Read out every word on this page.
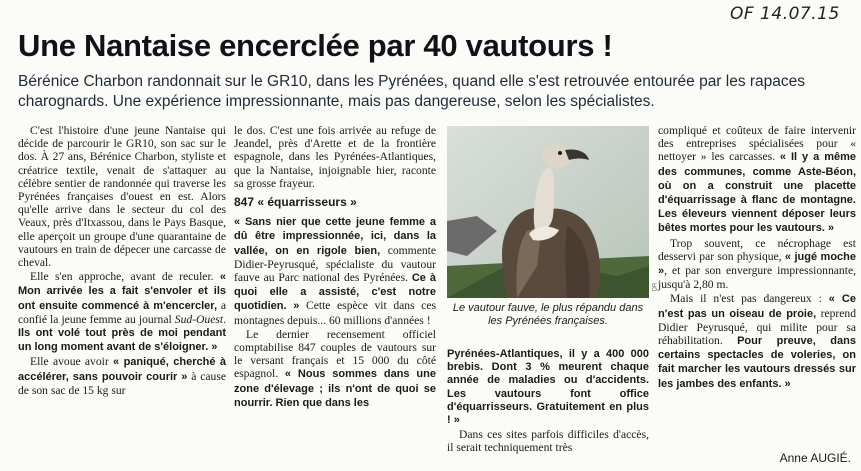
OF 14.07.15
Une Nantaise encerclée par 40 vautours !
Bérénice Charbon randonnait sur le GR10, dans les Pyrénées, quand elle s'est retrouvée entourée par les rapaces charognards. Une expérience impressionnante, mais pas dangereuse, selon les spécialistes.

C'est l'histoire d'une jeune Nantaise qui décide de parcourir le GR10, son sac sur le dos. À 27 ans, Bérénice Charbon, styliste et créatrice textile, venait de s'attaquer au célèbre sentier de randonnée qui traverse les Pyrénées françaises d'ouest en est. Alors qu'elle arrive dans le secteur du col des Veaux, près d'Itxassou, dans le Pays Basque, elle aperçoit un groupe d'une quarantaine de vautours en train de dépecer une carcasse de cheval.

Elle s'en approche, avant de reculer. « Mon arrivée les a fait s'envoler et ils ont ensuite commencé à m'encercler, a confié la jeune femme au journal Sud-Ouest. Ils ont volé tout près de moi pendant un long moment avant de s'éloigner. »

Elle avoue avoir « paniqué, cherché à accélérer, sans pouvoir courir » à cause de son sac de 15 kg sur

le dos. C'est une fois arrivée au refuge de Jeandel, près d'Arette et de la frontière espagnole, dans les Pyrénées-Atlantiques, que la Nantaise, injoignable hier, raconte sa grosse frayeur.

847 « équarrisseurs »

« Sans nier que cette jeune femme a dû être impressionnée, ici, dans la vallée, on en rigole bien, commente Didier-Peyrusqué, spécialiste du vautour fauve au Parc national des Pyrénées. Ce à quoi elle a assisté, c'est notre quotidien. » Cette espèce vit dans ces montagnes depuis... 60 millions d'années !

Le dernier recensement officiel comptabilise 847 couples de vautours sur le versant français et 15 000 du côté espagnol. « Nous sommes dans une zone d'élevage ; ils n'ont de quoi se nourrir. Rien que dans les

DR
Le vautour fauve, le plus répandu dans les Pyrénées françaises.

Pyrénées-Atlantiques, il y a 400 000 brebis. Dont 3 % meurent chaque année de maladies ou d'accidents. Les vautours font office d'équarrisseurs. Gratuitement en plus ! »

Dans ces sites parfois difficiles d'accès, il serait techniquement très

compliqué et coûteux de faire intervenir des entreprises spécialisées pour « nettoyer » les carcasses. « Il y a même des communes, comme Aste-Béon, où on a construit une placette d'équarrissage à flanc de montagne. Les éleveurs viennent déposer leurs bêtes mortes pour les vautours. »

Trop souvent, ce nécrophage est desservi par son physique, « jugé moche », et par son envergure impressionnante, jusqu'à 2,80 m.

Mais il n'est pas dangereux : « Ce n'est pas un oiseau de proie, reprend Didier Peyrusqué, qui milite pour sa réhabilitation. Pour preuve, dans certains spectacles de voleries, on fait marcher les vautours dressés sur les jambes des enfants. »

Anne AUGIÉ.
